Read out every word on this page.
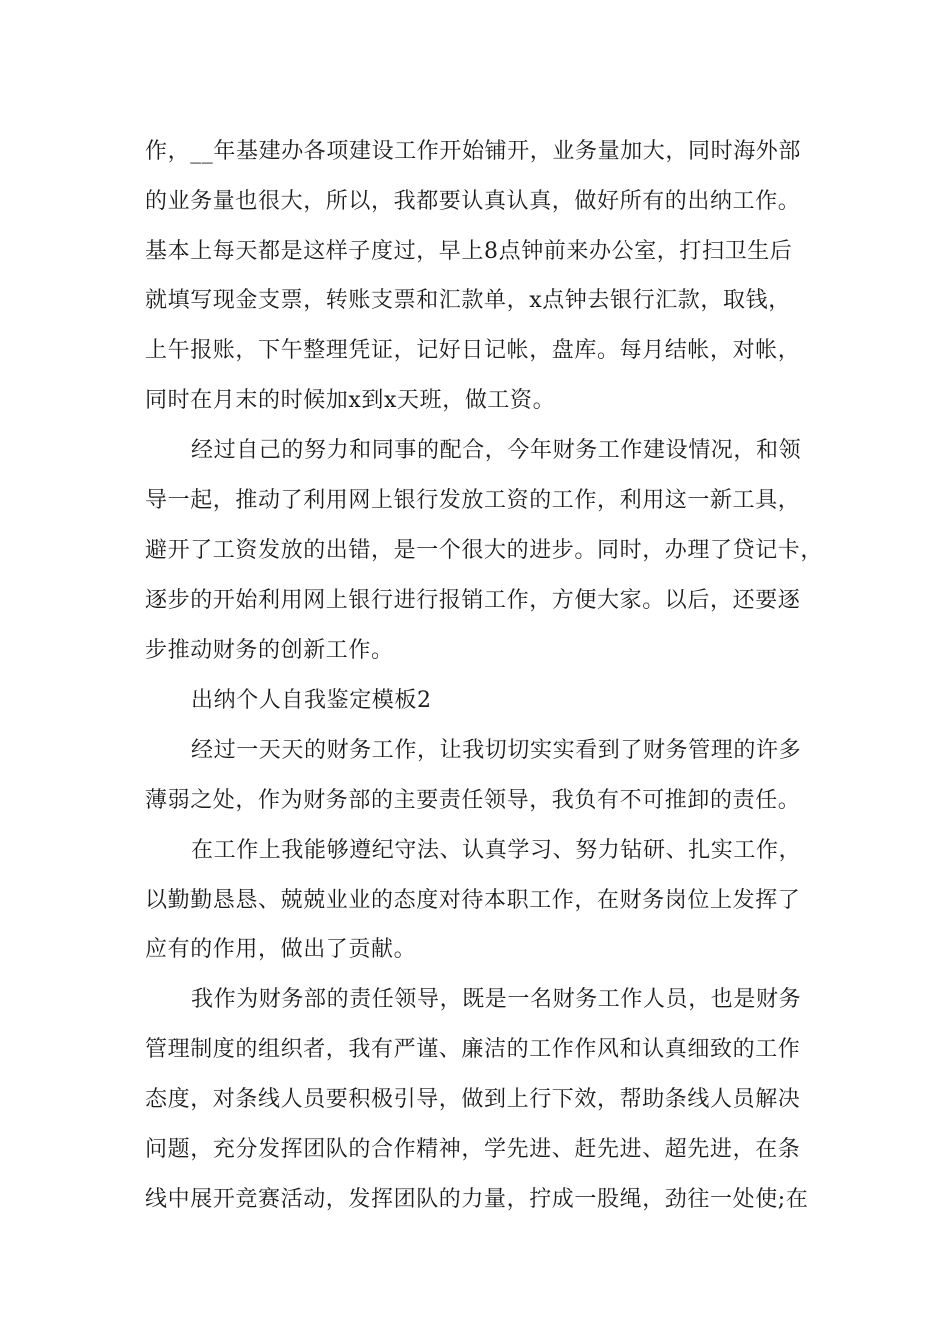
作，__年基建办各项建设工作开始铺开，业务量加大，同时海外部
的业务量也很大，所以，我都要认真认真，做好所有的出纳工作。
基本上每天都是这样子度过，早上8点钟前来办公室，打扫卫生后
就填写现金支票，转账支票和汇款单，x点钟去银行汇款，取钱，
上午报账，下午整理凭证，记好日记帐，盘库。每月结帐，对帐，
同时在月末的时候加x到x天班，做工资。
经过自己的努力和同事的配合，今年财务工作建设情况，和领
导一起，推动了利用网上银行发放工资的工作，利用这一新工具，
避开了工资发放的出错，是一个很大的进步。同时，办理了贷记卡，
逐步的开始利用网上银行进行报销工作，方便大家。以后，还要逐
步推动财务的创新工作。
出纳个人自我鉴定模板2
经过一天天的财务工作，让我切切实实看到了财务管理的许多
薄弱之处，作为财务部的主要责任领导，我负有不可推卸的责任。
在工作上我能够遵纪守法、认真学习、努力钻研、扎实工作，
以勤勤恳恳、兢兢业业的态度对待本职工作，在财务岗位上发挥了
应有的作用，做出了贡献。
我作为财务部的责任领导，既是一名财务工作人员，也是财务
管理制度的组织者，我有严谨、廉洁的工作作风和认真细致的工作
态度，对条线人员要积极引导，做到上行下效，帮助条线人员解决
问题，充分发挥团队的合作精神，学先进、赶先进、超先进，在条
线中展开竞赛活动，发挥团队的力量，拧成一股绳，劲往一处使;在
